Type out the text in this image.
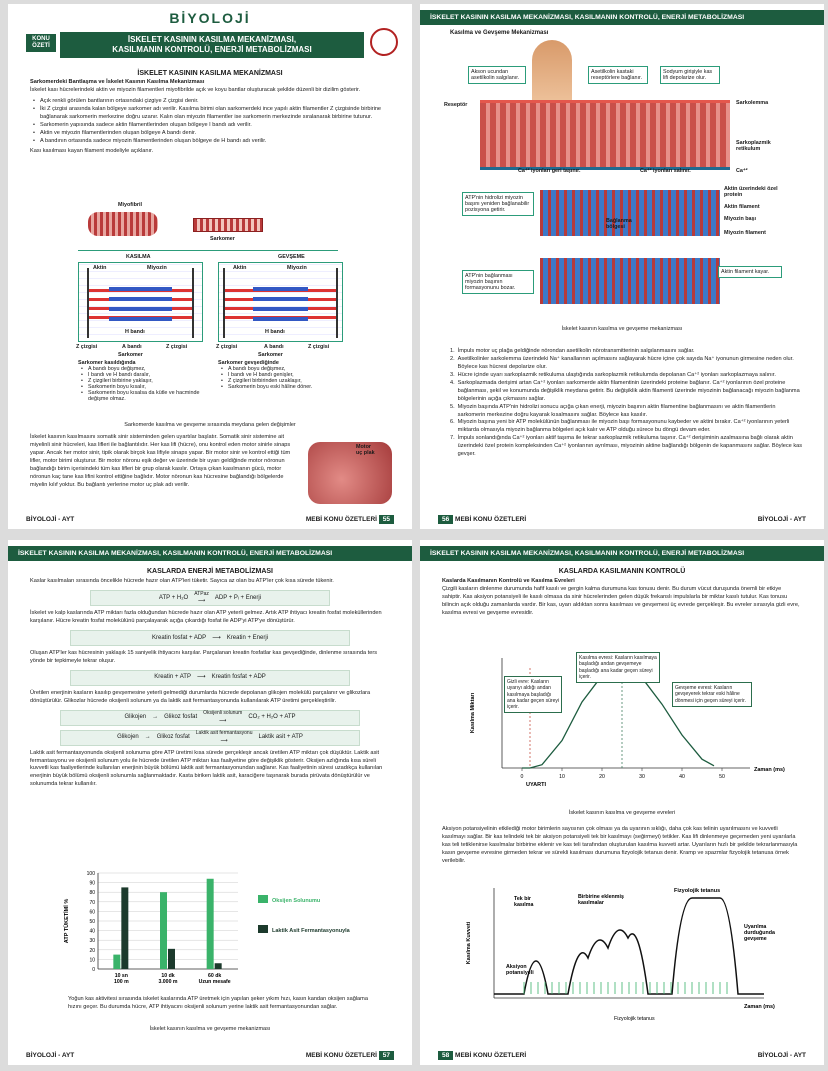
BİYOLOJİ
KONU
ÖZETİ
İSKELET KASININ KASILMA MEKANİZMASI,
KASILMANIN KONTROLÜ, ENERJİ METABOLİZMASI
İSKELET KASININ KASILMA MEKANİZMASI
Sarkomerdeki Bantlaşma ve İskelet Kasının Kasılma Mekanizması
İskelet kası hücrelerindeki aktin ve miyozin filamentleri miyofibrilde açık ve koyu bantlar oluşturacak şekilde düzenli bir dizilim gösterir.
• Açık renkli görülen bantlarının ortasındaki çizgiye Z çizgisi denir.
• İki Z çizgisi arasında kalan bölgeye sarkomer adı verilir. Kasılma birimi olan sarkomerdeki ince yapılı aktin filamentler Z çizgisinde birbirine bağlanarak sarkomerin merkezine doğru uzanır. Kalın olan miyozin filamentler ise sarkomerin merkezinde sıralanarak birbirine tutunur.
• Sarkomerin yapısında sadece aktin filamentlerinden oluşan bölgeye I bandı adı verilir.
• Aktin ve miyozin filamentlerinden oluşan bölgeye A bandı denir.
• A bandının ortasında sadece miyozin filamentlerinden oluşan bölgeye de H bandı adı verilir.
Kası kasılması kayan filament modeliyle açıklanır.
Miyofibril
Sarkomer
KASILMA	GEVŞEME
Aktin	Miyozin
H bandı
Aktin	Miyozin
H bandı
Z çizgisi	A bandı	Z çizgisi
Sarkomer
Z çizgisi	A bandı	Z çizgisi
Sarkomer
Sarkomer kasıldığında
• A bandı boyu değişmez,
• I bandı ve H bandı daralır,
• Z çizgileri birbirine yaklaşır,
• Sarkomerin boyu kısalır,
• Sarkomerin boyu kısalsa da kütle ve hacminde değişme olmaz.
Sarkomer gevşediğinde
• A bandı boyu değişmez,
• I bandı ve H bandı genişler,
• Z çizgileri birbirinden uzaklaşır,
• Sarkomerin boyu eski hâline döner.
Sarkomerde kasılma ve gevşeme sırasında meydana gelen değişimler
İskelet kasının kasılmasını somatik sinir sisteminden gelen uyartılar başlatır. Somatik sinir sistemine ait miyelinli sinir hücreleri, kas lifleri ile bağlantılıdır. Her kas lifi (hücre), onu kontrol eden motor sinirle sinaps yapar. Ancak her motor sinir, tipik olarak birçok kas lifiyle sinaps yapar. Bir motor sinir ve kontrol ettiği tüm lifler, motor birimi oluşturur. Bir motor nöronu eşik değer ve üzerinde bir uyarı geldiğinde motor nöronun bağlandığı birim içerisindeki tüm kas lifleri bir grup olarak kasılır. Ortaya çıkan kasılmanın gücü, motor nöronun kaç tane kas lifini kontrol ettiğine bağlıdır. Motor nöronun kas hücresine bağlandığı bölgelerde miyelin kılıf yoktur. Bu bağlantı yerlerine motor uç plak adı verilir.
Motor
uç plak
BİYOLOJİ - AYT	MEBİ KONU ÖZETLERİ 55
İSKELET KASININ KASILMA MEKANİZMASI, KASILMANIN KONTROLÜ, ENERJİ METABOLİZMASI
Kasılma ve Gevşeme Mekanizması
Akson ucundan asetilkolin salgılanır.
Asetilkolin kastaki reseptörlere bağlanır.
Sodyum girişiyle kas lifi depolarize olur.
Reseptör	Sarkolemma
Sarkoplazmik retikulum
Ca⁺² iyonları geri taşınır.	Ca⁺² iyonları salınır.	Ca⁺²
Aktin üzerindeki özel protein
Aktin filament
Miyozin başı
Miyozin filament
Bağlanma bölgesi
ATP'nin hidrolizi miyozin başını yeniden bağlanabilir pozisyona getirir.
ATP'nin bağlanması miyozin başının formasyonunu bozar.
Aktin filament kayar.
İskelet kasının kasılma ve gevşeme mekanizması
1. İmpuls motor uç plağa geldiğinde nörondan asetilkolin nörotransmitterinin salgılanmasını sağlar.
2. Asetilkolinler sarkolemma üzerindeki Na⁺ kanallarının açılmasını sağlayarak hücre içine çok sayıda Na⁺ iyonunun girmesine neden olur. Böylece kas hücresi depolarize olur.
3. Hücre içinde uyarı sarkoplazmik retikuluma ulaştığında sarkoplazmik retikulumda depolanan Ca⁺² iyonları sarkoplazmaya salınır.
4. Sarkoplazmada derişimi artan Ca⁺² iyonları sarkomerde aktin filamentinin üzerindeki proteine bağlanır. Ca⁺² iyonlarının özel proteine bağlanması, şekil ve konumunda değişiklik meydana getirir. Bu değişiklik aktin filamenti üzerinde miyozinin bağlanacağı miyozin bağlanma bölgelerinin açığa çıkmasını sağlar.
5. Miyozin başında ATP'nin hidrolizi sonucu açığa çıkan enerji, miyozin başının aktin filamentine bağlanmasını ve aktin filamentlerin sarkomerin merkezine doğru kayarak kısalmasını sağlar. Böylece kas kasılır.
6. Miyozin başına yeni bir ATP molekülünün bağlanması ile miyozin başı formasyonunu kaybeder ve aktini bırakır. Ca⁺² iyonlarının yeterli miktarda olmasıyla miyozin bağlanma bölgeleri açık kalır ve ATP olduğu sürece bu döngü devam eder.
7. İmpuls sonlandığında Ca⁺² iyonları aktif taşıma ile tekrar sarkoplazmik retikuluma taşınır. Ca⁺² derişiminin azalmasına bağlı olarak aktin üzerindeki özel protein kompleksinden Ca⁺² iyonlarının ayrılması, miyozinin aktine bağlandığı bölgenin de kapanmasını sağlar. Böylece kas gevşer.
56 MEBİ KONU ÖZETLERİ	BİYOLOJİ - AYT
İSKELET KASININ KASILMA MEKANİZMASI, KASILMANIN KONTROLÜ, ENERJİ METABOLİZMASI
KASLARDA ENERJİ METABOLİZMASI
Kaslar kasılmaları sırasında öncelikle hücrede hazır olan ATP'leri tüketir. Sayıca az olan bu ATP'ler çok kısa sürede tükenir.
ATP + H₂O
ATPaz
⟶
ADP + Pᵢ + Enerji
İskelet ve kalp kaslarında ATP miktarı fazla olduğundan hücrede hazır olan ATP yeterli gelmez. Artık ATP ihtiyacı kreatin fosfat moleküllerinden karşılanır. Hücre kreatin fosfat molekülünü parçalayarak açığa çıkardığı fosfat ile ADP'yi ATP'ye dönüştürür.
Kreatin fosfat + ADP ⟶ Kreatin + Enerji
Oluşan ATP'ler kas hücresinin yaklaşık 15 saniyelik ihtiyacını karşılar. Parçalanan kreatin fosfatlar kas gevşediğinde, dinlenme sırasında ters yönde bir tepkimeyle tekrar oluşur.
Kreatin + ATP ⟶ Kreatin fosfat + ADP
Üretilen enerjinin kasların kasılıp gevşemesine yeterli gelmediği durumlarda hücrede depolanan glikojen molekülü parçalanır ve glikozlara dönüştürülür. Glikozlar hücrede oksijenli solunum ya da laktik asit fermantasyonunda kullanılarak ATP üretimi gerçekleştirilir.
Glikojen → Glikoz fosfat
Oksijenli solunum
⟶
CO₂ + H₂O + ATP
Glikojen → Glikoz fosfat
Laktik asit fermantasyonu
⟶
Laktik asit + ATP
Laktik asit fermantasyonunda oksijenli solunuma göre ATP üretimi kısa sürede gerçekleşir ancak üretilen ATP miktarı çok düşüktür. Laktik asit fermantasyonu ve oksijenli solunum yolu ile hücrede üretilen ATP miktarı kas faaliyetine göre değişiklik gösterir. Oksijen azlığında kısa süreli kuvvetli kas faaliyetlerinde kullanılan enerjinin büyük bölümü laktik asit fermantasyonundan sağlanır. Kas faaliyetinin süresi uzadıkça kullanılan enerjinin büyük bölümü oksijenli solunumla sağlanmaktadır. Kasta biriken laktik asit, karaciğere taşınarak burada pirüvata dönüştürülür ve solunumda tekrar kullanılır.
ATP TÜKETİMİ %
0
10
20
30
40
50
60
70
80
90
100
10 sn
100 m
10 dk
3.000 m
60 dk
Uzun mesafe
Oksijen Solunumu
Laktik Asit Fermantasyonuyla
Yoğun kas aktivitesi sırasında iskelet kaslarında ATP üretmek için yapılan şeker yıkım hızı, kasın kandan oksijen sağlama hızını geçer. Bu durumda hücre, ATP ihtiyacını oksijenli solunum yerine laktik asit fermantasyonundan sağlar.
İskelet kasının kasılma ve gevşeme mekanizması
BİYOLOJİ - AYT	MEBİ KONU ÖZETLERİ 57
İSKELET KASININ KASILMA MEKANİZMASI, KASILMANIN KONTROLÜ, ENERJİ METABOLİZMASI
KASLARDA KASILMANIN KONTROLÜ
Kaslarda Kasılmanın Kontrolü ve Kasılma Evreleri
Çizgili kasların dinlenme durumunda hafif kasılı ve gergin kalma durumuna kas tonusu denir. Bu durum vücut duruşunda önemli bir etkiye sahiptir. Kas aksiyon potansiyeli ile kasılı olmasa da sinir hücrelerinden gelen düşük frekanslı impulslarla bir miktar kasılı tutulur. Kas tonusu bilincin açık olduğu zamanlarda vardır. Bir kas, uyarı aldıktan sonra kasılması ve gevşemesi üç evrede gerçekleşir. Bu evreler sırasıyla gizli evre, kasılma evresi ve gevşeme evresidir.
Kasılma Miktarı
0	10	20	30	40	50
Zaman (ms)
UYARTI
Gizli evre: Kasların uyarıyı aldığı andan kasılmaya başladığı ana kadar geçen süreyi içerir.
Kasılma evresi: Kasların kasılmaya başladığı andan gevşemeye başladığı ana kadar geçen süreyi içerir.
Gevşeme evresi: Kasların gevşeyerek tekrar eski hâline dönmesi için geçen süreyi içerir.
İskelet kasının kasılma ve gevşeme evreleri
Aksiyon potansiyelinin etkilediği motor birimlerin sayısının çok olması ya da uyarının sıklığı, daha çok kas telinin uyarılmasını ve kuvvetli kasılmayı sağlar. Bir kas telindeki tek bir aksiyon potansiyeli tek bir kasılmayı (seğirmeyi) tetikler. Kas lifi dinlenmeye geçemeden yeni uyarılarla kas teli tetiklenirse kasılmalar birbirine eklenir ve kas teli tarafından oluşturulan kasılma kuvveti artar. Uyarıların hızlı bir şekilde tekrarlanmasıyla kasın gevşeme evresine girmeden tekrar ve sürekli kasılması durumuna fizyolojik tetanus denir. Kramp ve spazmlar fizyolojik tetanusa örnek verilebilir.
Kasılma Kuvveti
Zaman (ms)
Tek bir
kasılma
Birbirine eklenmiş
kasılmalar
Aksiyon
potansiyeli
Fizyolojik tetanus
Uyarılma
durduğunda
gevşeme
Fizyolojik tetanus
58 MEBİ KONU ÖZETLERİ	BİYOLOJİ - AYT
